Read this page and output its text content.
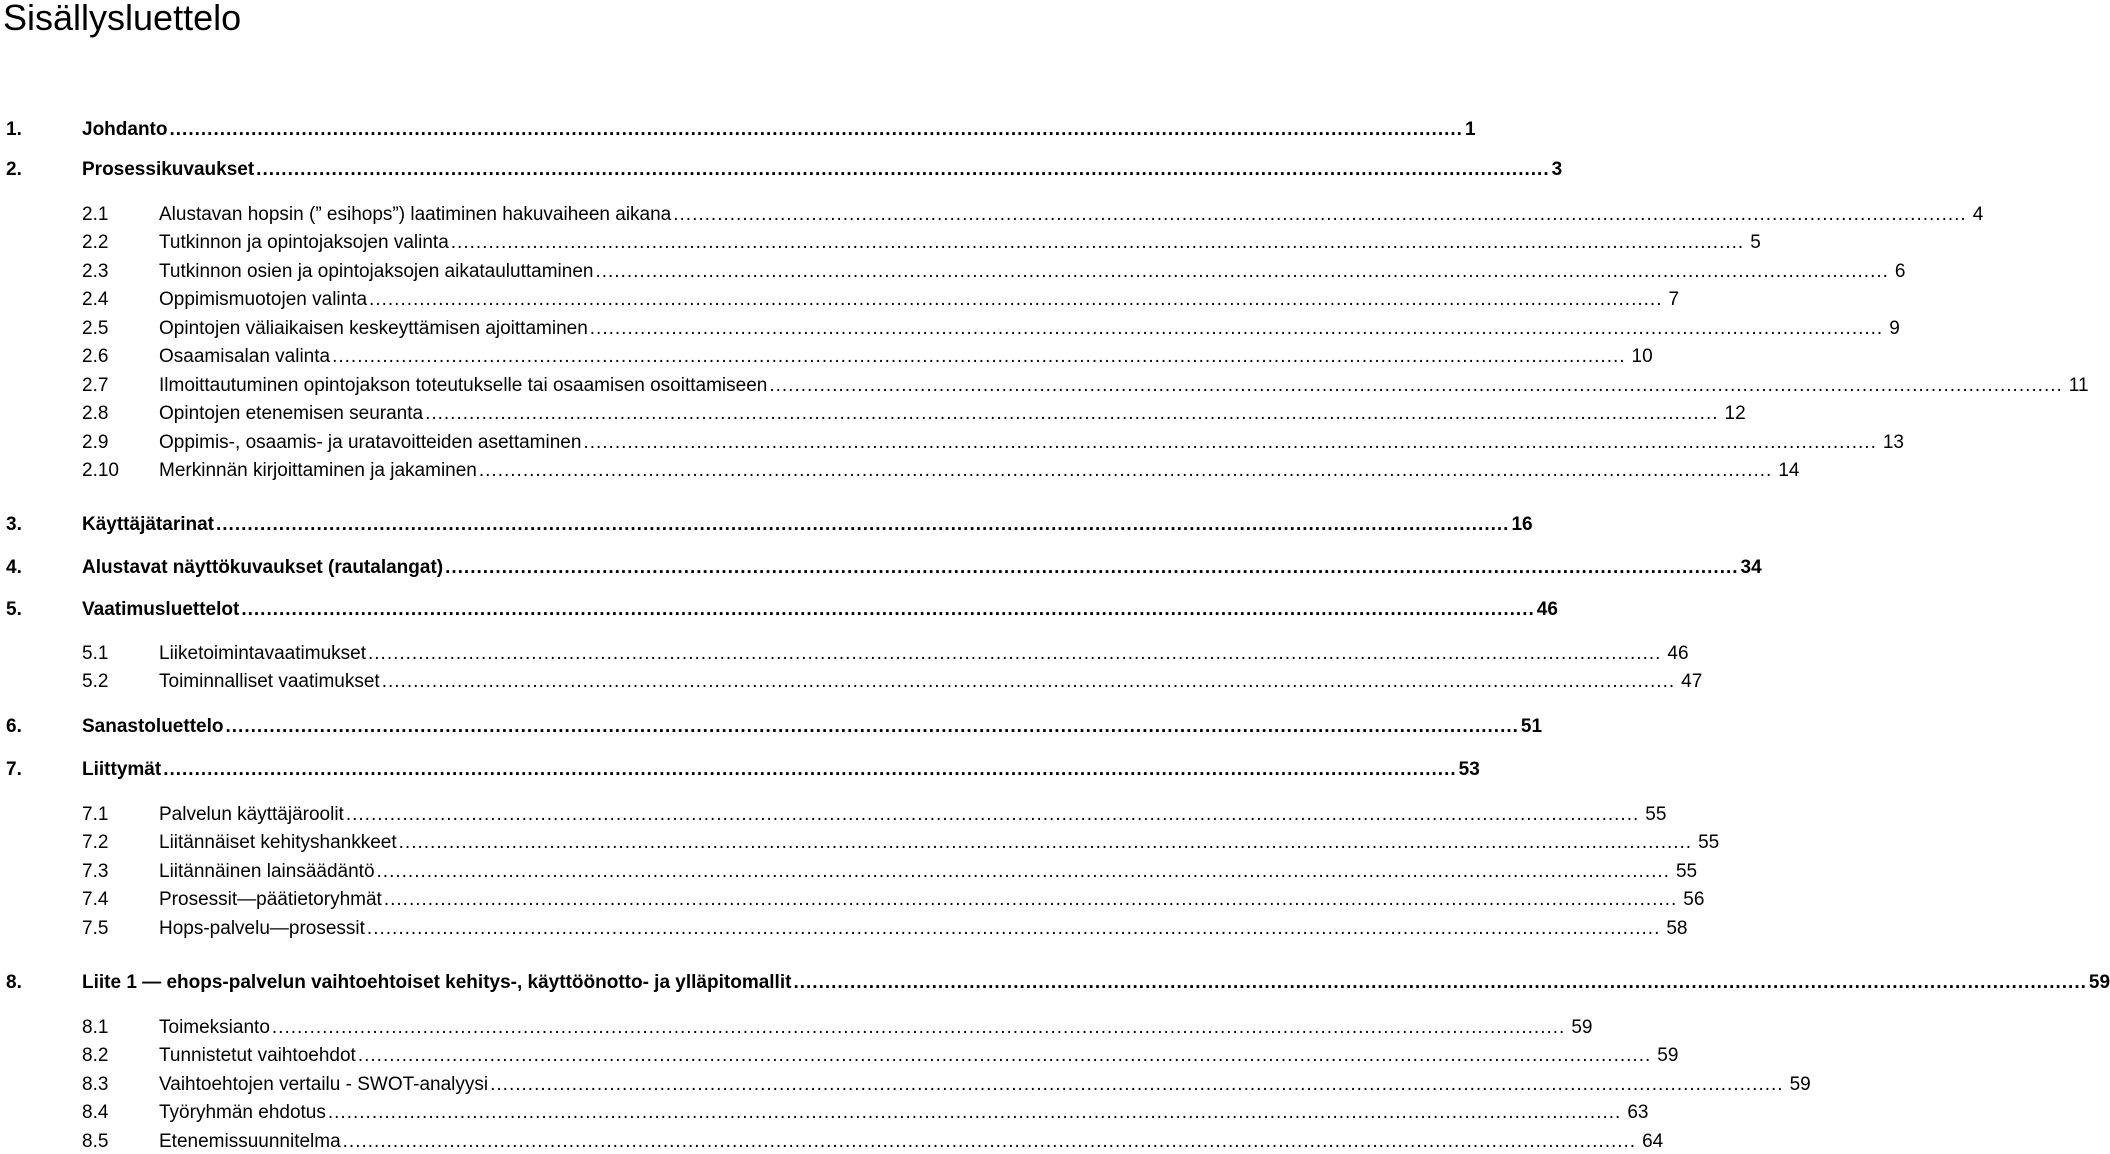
Sisällysluettelo
1.	Johdanto .....	1
2.	Prosessikuvaukset .....	3
2.1	Alustavan hopsin (” esihops”) laatiminen hakuvaiheen aikana .....	4
2.2	Tutkinnon ja opintojaksojen valinta .....	5
2.3	Tutkinnon osien ja opintojaksojen aikatauluttaminen .....	6
2.4	Oppimismuotojen valinta .....	7
2.5	Opintojen väliaikaisen keskeyttämisen ajoittaminen .....	9
2.6	Osaamisalan valinta .....	10
2.7	Ilmoittautuminen opintojakson toteutukselle tai osaamisen osoittamiseen .....	11
2.8	Opintojen etenemisen seuranta .....	12
2.9	Oppimis-, osaamis- ja uratavoitteiden asettaminen .....	13
2.10	Merkinnän kirjoittaminen ja jakaminen .....	14
3.	Käyttäjätarinat .....	16
4.	Alustavat näyttökuvaukset (rautalangat) .....	34
5.	Vaatimusluettelot .....	46
5.1	Liiketoimintavaatimukset .....	46
5.2	Toiminnalliset vaatimukset .....	47
6.	Sanastoluettelo .....	51
7.	Liittymät .....	53
7.1	Palvelun käyttäjäroolit .....	55
7.2	Liitännäiset kehityshankkeet .....	55
7.3	Liitännäinen lainsäädäntö .....	55
7.4	Prosessit—päätietoryhmät .....	56
7.5	Hops-palvelu—prosessit .....	58
8.	Liite 1 — ehops-palvelun vaihtoehtoiset kehitys-, käyttöönotto- ja ylläpitomallit .....	59
8.1	Toimeksianto .....	59
8.2	Tunnistetut vaihtoehdot .....	59
8.3	Vaihtoehtojen vertailu - SWOT-analyysi .....	59
8.4	Työryhmän ehdotus .....	63
8.5	Etenemissuunnitelma .....	64
